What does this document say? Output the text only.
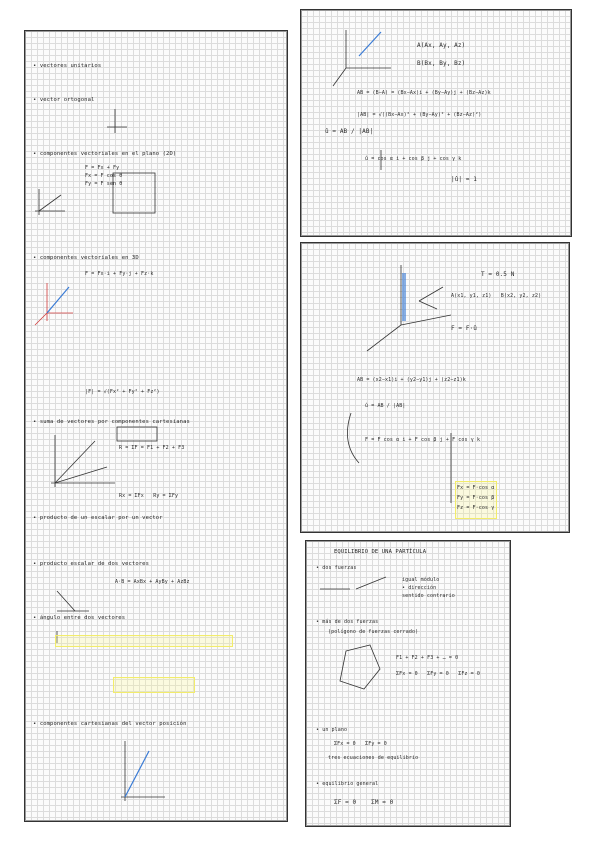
• vectores unitarios
• vector ortogonal
• componentes vectoriales en el plano (2D)
F = Fx + Fy
Fx = F cos θ
Fy = F sen θ
• componentes vectoriales en 3D
F = Fx·i + Fy·j + Fz·k
|F| = √(Fx² + Fy² + Fz²)
• suma de vectores por componentes cartesianas
R = ΣF = F1 + F2 + F3
Rx = ΣFx   Ry = ΣFy
• producto de un escalar por un vector
• producto escalar de dos vectores
A·B = AxBx + AyBy + AzBz
• ángulo entre dos vectores
• componentes cartesianas del vector posición
A(Ax, Ay, Az)
B(Bx, By, Bz)
AB = (B−A) = (Bx−Ax)i + (By−Ay)j + (Bz−Az)k
|AB| = √((Bx−Ax)² + (By−Ay)² + (Bz−Az)²)
û = AB / |AB|
û = cos α i + cos β j + cos γ k
|û| = 1
T = 0.5 N
A(x1, y1, z1)   B(x2, y2, z2)
F = F·û
AB = (x2−x1)i + (y2−y1)j + (z2−z1)k
û = AB / |AB|
F = F cos α i + F cos β j + F cos γ k
Fx = F·cos α
Fy = F·cos β
Fz = F·cos γ
EQUILIBRIO DE UNA PARTÍCULA
• dos fuerzas
igual módulo
• dirección
sentido contrario
• más de dos fuerzas
(polígono de fuerzas cerrado)
F1 + F2 + F3 + … = 0
ΣFx = 0   ΣFy = 0   ΣFz = 0
• un plano
ΣFx = 0   ΣFy = 0
tres ecuaciones de equilibrio
• equilibrio general
ΣF = 0    ΣM = 0
